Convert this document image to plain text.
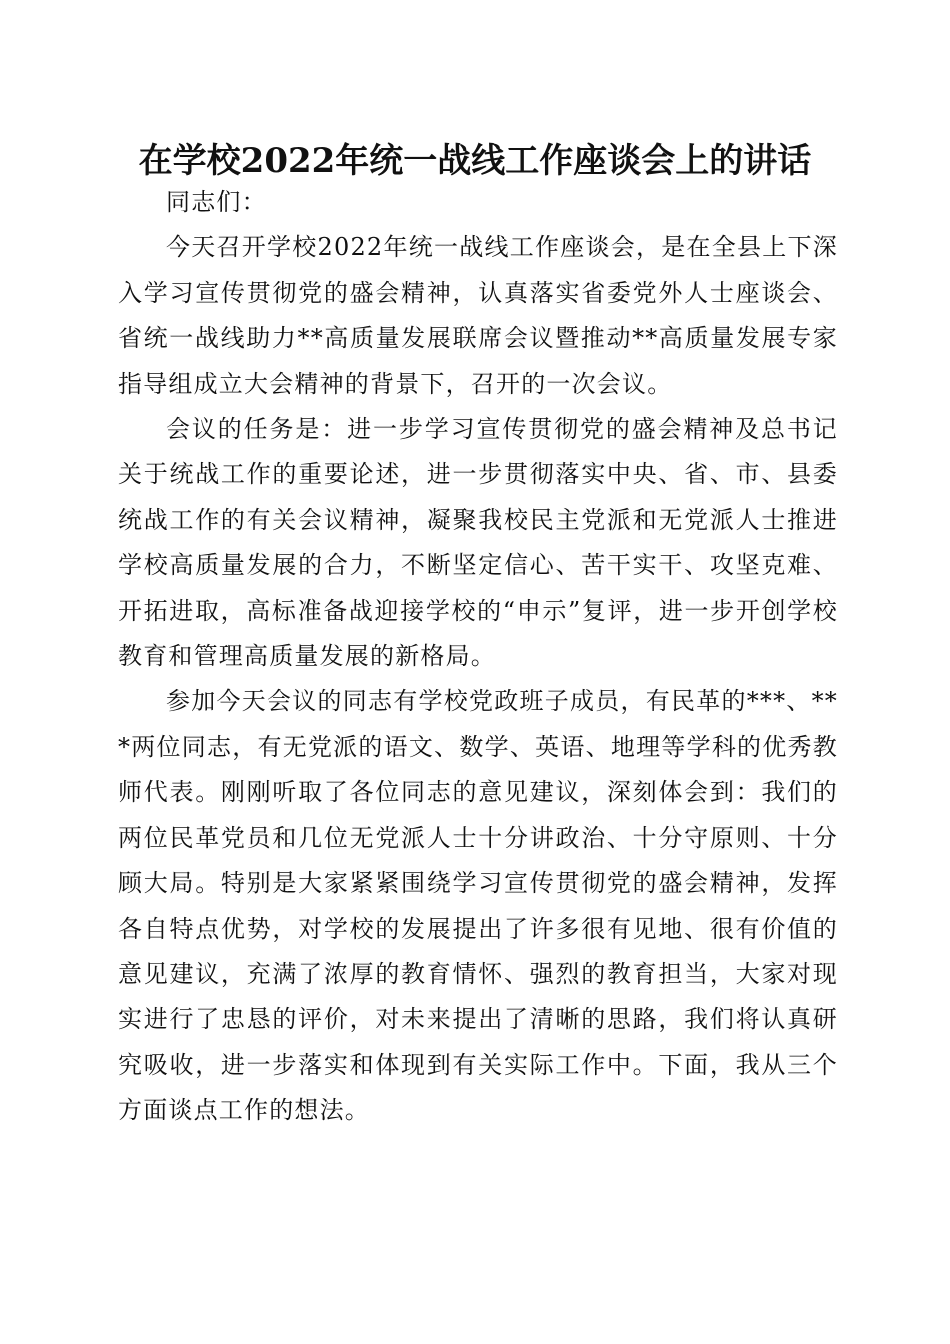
在学校2022年统一战线工作座谈会上的讲话

同志们：

今天召开学校2022年统一战线工作座谈会，是在全县上下深入学习宣传贯彻党的盛会精神，认真落实省委党外人士座谈会、省统一战线助力**高质量发展联席会议暨推动**高质量发展专家指导组成立大会精神的背景下，召开的一次会议。

会议的任务是：进一步学习宣传贯彻党的盛会精神及总书记关于统战工作的重要论述，进一步贯彻落实中央、省、市、县委统战工作的有关会议精神，凝聚我校民主党派和无党派人士推进学校高质量发展的合力，不断坚定信心、苦干实干、攻坚克难、开拓进取，高标准备战迎接学校的“申示”复评，进一步开创学校教育和管理高质量发展的新格局。

参加今天会议的同志有学校党政班子成员，有民革的***、***两位同志，有无党派的语文、数学、英语、地理等学科的优秀教师代表。刚刚听取了各位同志的意见建议，深刻体会到：我们的两位民革党员和几位无党派人士十分讲政治、十分守原则、十分顾大局。特别是大家紧紧围绕学习宣传贯彻党的盛会精神，发挥各自特点优势，对学校的发展提出了许多很有见地、很有价值的意见建议，充满了浓厚的教育情怀、强烈的教育担当，大家对现实进行了忠恳的评价，对未来提出了清晰的思路，我们将认真研究吸收，进一步落实和体现到有关实际工作中。下面，我从三个方面谈点工作的想法。
